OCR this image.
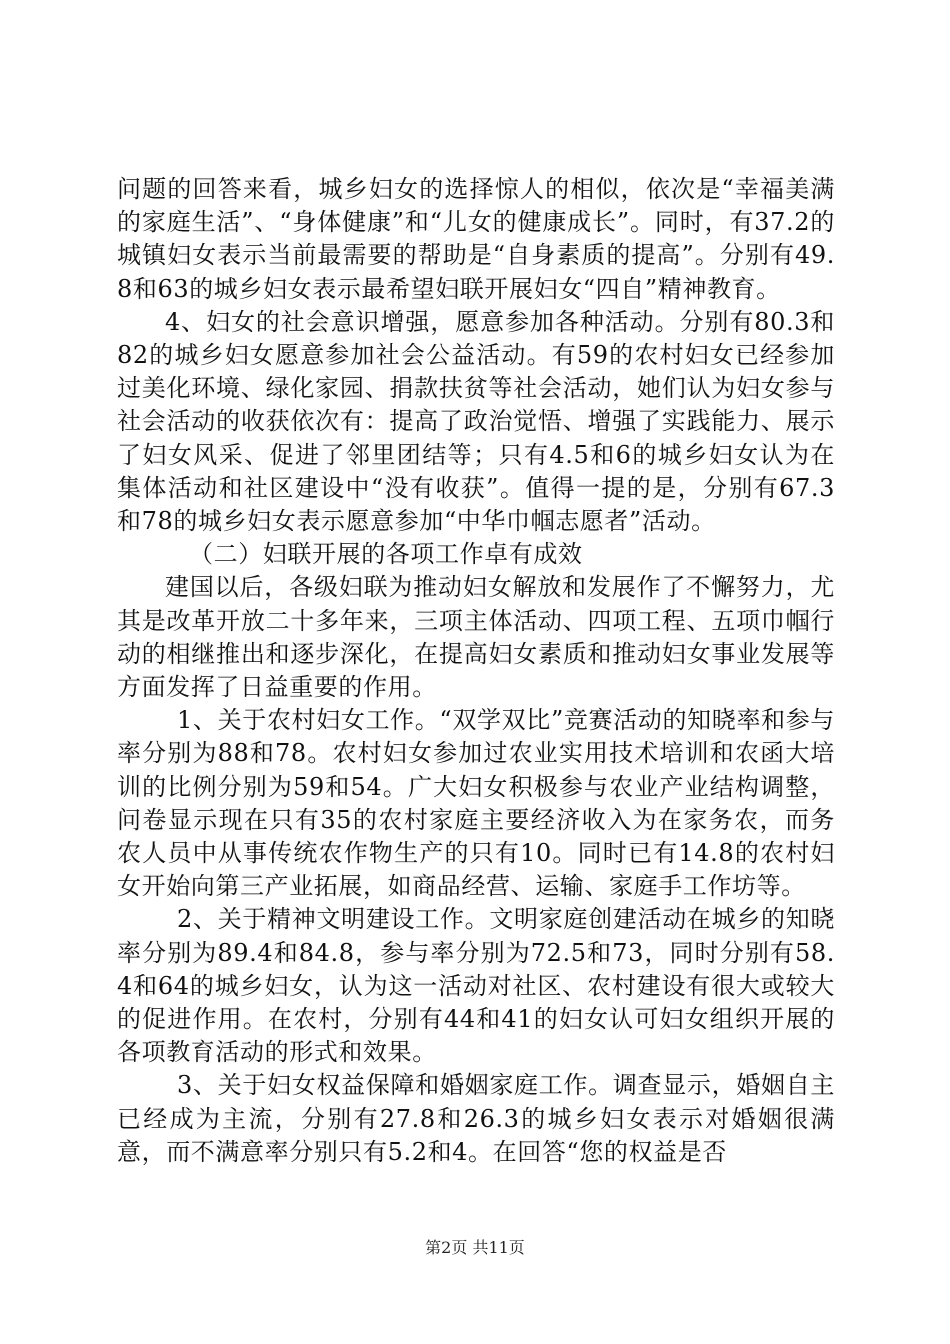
问题的回答来看，城乡妇女的选择惊人的相似，依次是“幸福美满的家庭生活”、“身体健康”和“儿女的健康成长”。同时，有37.2的城镇妇女表示当前最需要的帮助是“自身素质的提高”。分别有49.8和63的城乡妇女表示最希望妇联开展妇女“四自”精神教育。

4、妇女的社会意识增强，愿意参加各种活动。分别有80.3和82的城乡妇女愿意参加社会公益活动。有59的农村妇女已经参加过美化环境、绿化家园、捐款扶贫等社会活动，她们认为妇女参与社会活动的收获依次有：提高了政治觉悟、增强了实践能力、展示了妇女风采、促进了邻里团结等；只有4.5和6的城乡妇女认为在集体活动和社区建设中“没有收获”。值得一提的是，分别有67.3和78的城乡妇女表示愿意参加“中华巾帼志愿者”活动。

（二）妇联开展的各项工作卓有成效

建国以后，各级妇联为推动妇女解放和发展作了不懈努力，尤其是改革开放二十多年来，三项主体活动、四项工程、五项巾帼行动的相继推出和逐步深化，在提高妇女素质和推动妇女事业发展等方面发挥了日益重要的作用。

1、关于农村妇女工作。“双学双比”竞赛活动的知晓率和参与率分别为88和78。农村妇女参加过农业实用技术培训和农函大培训的比例分别为59和54。广大妇女积极参与农业产业结构调整，问卷显示现在只有35的农村家庭主要经济收入为在家务农，而务农人员中从事传统农作物生产的只有10。同时已有14.8的农村妇女开始向第三产业拓展，如商品经营、运输、家庭手工作坊等。

2、关于精神文明建设工作。文明家庭创建活动在城乡的知晓率分别为89.4和84.8，参与率分别为72.5和73，同时分别有58.4和64的城乡妇女，认为这一活动对社区、农村建设有很大或较大的促进作用。在农村，分别有44和41的妇女认可妇女组织开展的各项教育活动的形式和效果。

3、关于妇女权益保障和婚姻家庭工作。调查显示，婚姻自主已经成为主流，分别有27.8和26.3的城乡妇女表示对婚姻很满意，而不满意率分别只有5.2和4。在回答“您的权益是否

第2页 共11页
